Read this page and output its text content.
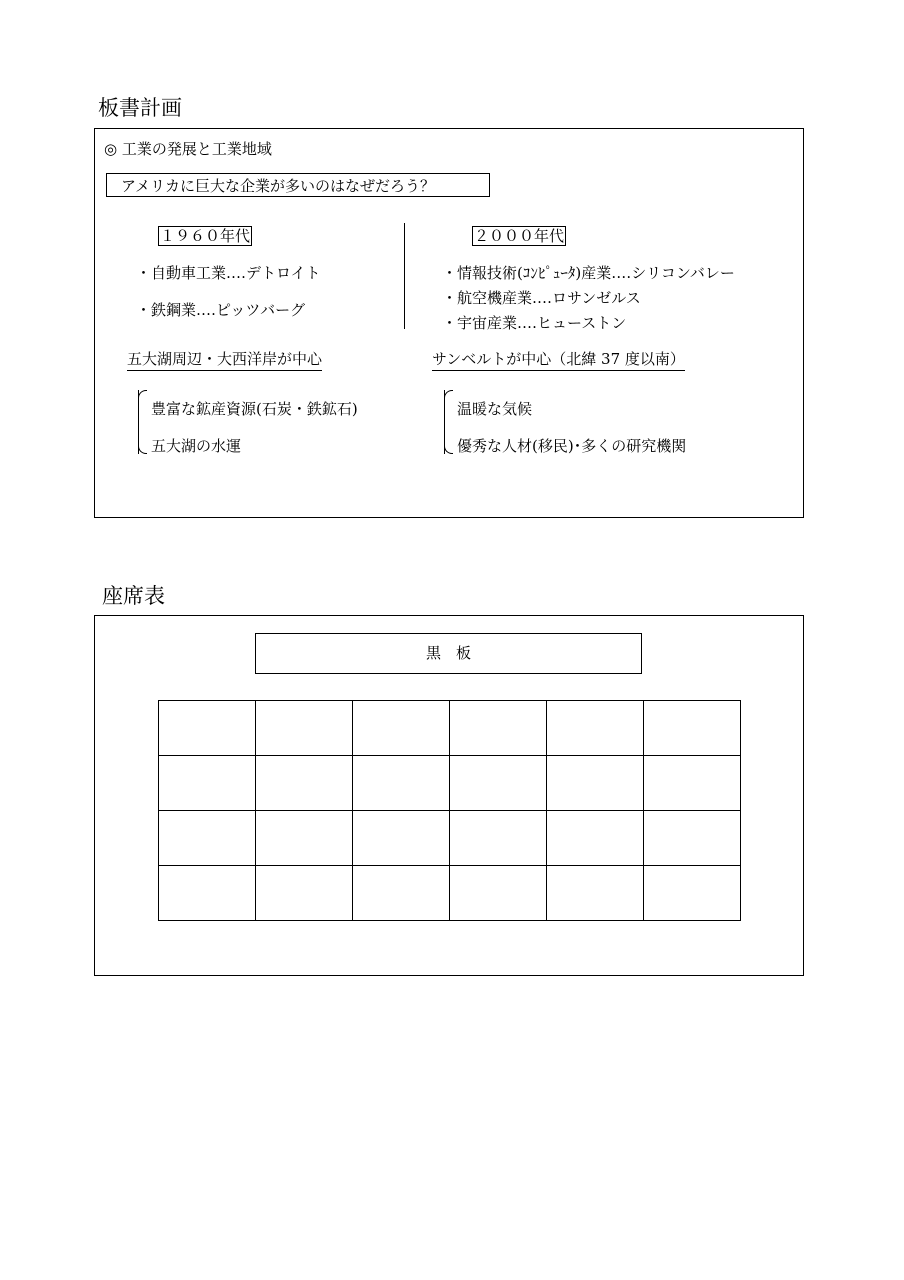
板書計画
◎ 工業の発展と工業地域
アメリカに巨大な企業が多いのはなぜだろう？
１９６０年代
・自動車工業‥‥デトロイト
・鉄鋼業‥‥ピッツバーグ
五大湖周辺・大西洋岸が中心
豊富な鉱産資源(石炭・鉄鉱石)
五大湖の水運
２０００年代
・情報技術(ｺﾝﾋﾟｭｰﾀ)産業‥‥シリコンバレー
・航空機産業‥‥ロサンゼルス
・宇宙産業‥‥ヒューストン
サンベルトが中心（北緯 37 度以南）
温暖な気候
優秀な人材(移民)･多くの研究機関
座席表
黒　板
